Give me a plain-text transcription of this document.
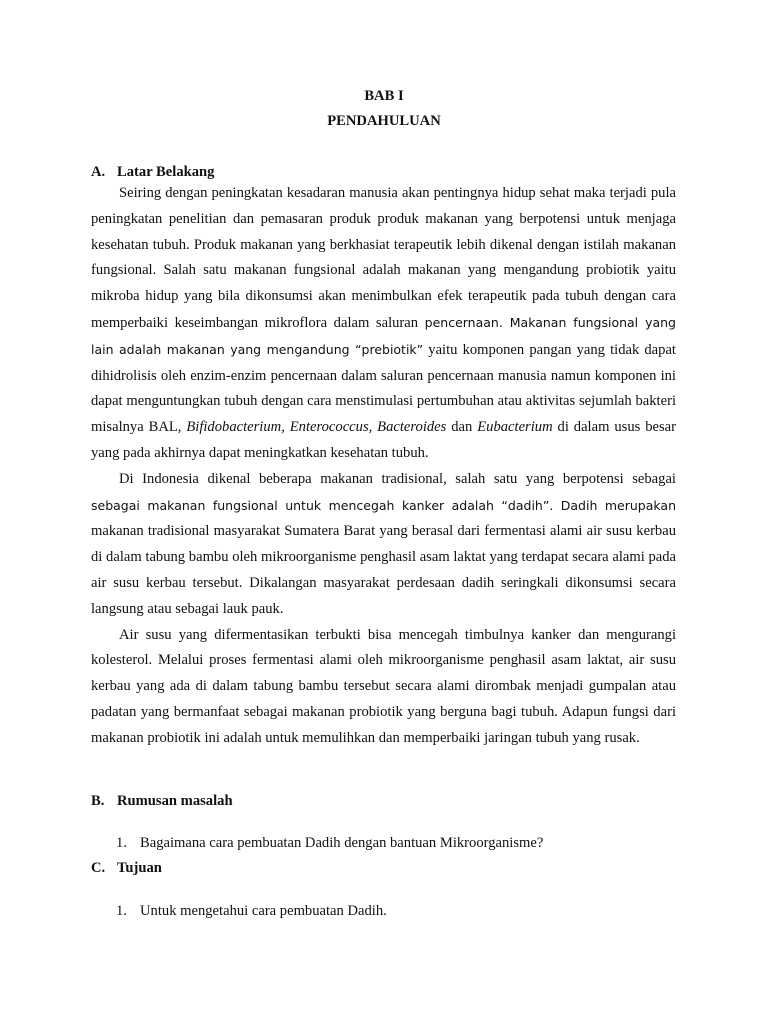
BAB I
PENDAHULUAN
A. Latar Belakang

Seiring dengan peningkatan kesadaran manusia akan pentingnya hidup sehat maka terjadi pula peningkatan penelitian dan pemasaran produk produk makanan yang berpotensi untuk menjaga kesehatan tubuh. Produk makanan yang berkhasiat terapeutik lebih dikenal dengan istilah makanan fungsional. Salah satu makanan fungsional adalah makanan yang mengandung probiotik yaitu mikroba hidup yang bila dikonsumsi akan menimbulkan efek terapeutik pada tubuh dengan cara memperbaiki keseimbangan mikroflora dalam saluran pencernaan. Makanan fungsional yang lain adalah makanan yang mengandung “prebiotik” yaitu komponen pangan yang tidak dapat dihidrolisis oleh enzim-enzim pencernaan dalam saluran pencernaan manusia namun komponen ini dapat menguntungkan tubuh dengan cara menstimulasi pertumbuhan atau aktivitas sejumlah bakteri misalnya BAL, Bifidobacterium, Enterococcus, Bacteroides dan Eubacterium di dalam usus besar yang pada akhirnya dapat meningkatkan kesehatan tubuh.

Di Indonesia dikenal beberapa makanan tradisional, salah satu yang berpotensi sebagai sebagai makanan fungsional untuk mencegah kanker adalah “dadih”. Dadih merupakan makanan tradisional masyarakat Sumatera Barat yang berasal dari fermentasi alami air susu kerbau di dalam tabung bambu oleh mikroorganisme penghasil asam laktat yang terdapat secara alami pada air susu kerbau tersebut. Dikalangan masyarakat perdesaan dadih seringkali dikonsumsi secara langsung atau sebagai lauk pauk.

Air susu yang difermentasikan terbukti bisa mencegah timbulnya kanker dan mengurangi kolesterol. Melalui proses fermentasi alami oleh mikroorganisme penghasil asam laktat, air susu kerbau yang ada di dalam tabung bambu tersebut secara alami dirombak menjadi gumpalan atau padatan yang bermanfaat sebagai makanan probiotik yang berguna bagi tubuh. Adapun fungsi dari makanan probiotik ini adalah untuk memulihkan dan memperbaiki jaringan tubuh yang rusak.

B. Rumusan masalah
1. Bagaimana cara pembuatan Dadih dengan bantuan Mikroorganisme?
C. Tujuan
1. Untuk mengetahui cara pembuatan Dadih.
